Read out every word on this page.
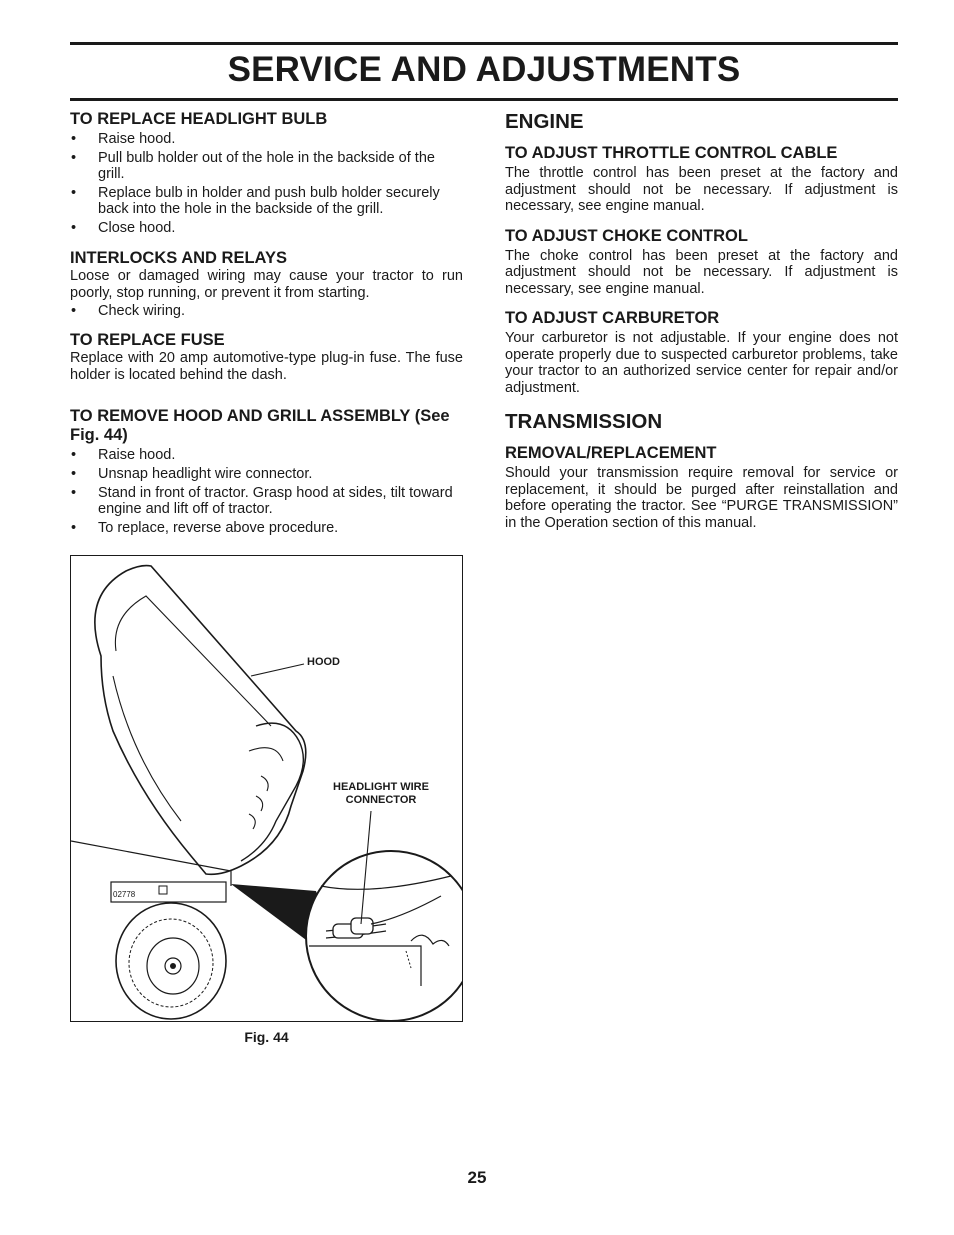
SERVICE AND ADJUSTMENTS
TO REPLACE HEADLIGHT BULB
• Raise hood.
• Pull bulb holder out of the hole in the backside of the grill.
• Replace bulb in holder and push bulb holder securely back into the hole in the backside of the grill.
• Close hood.
INTERLOCKS AND RELAYS

Loose or damaged wiring may cause your tractor to run poorly, stop running, or prevent it from starting.

• Check wiring.
TO REPLACE FUSE

Replace with 20 amp automotive-type plug-in fuse. The fuse holder is located behind the dash.

TO REMOVE HOOD AND GRILL ASSEMBLY (See Fig. 44)
• Raise hood.
• Unsnap headlight wire connector.
• Stand in front of tractor. Grasp hood at sides, tilt toward engine and lift off of tractor.
• To replace, reverse above procedure.
HOOD
HEADLIGHT WIRE CONNECTOR
02778
Fig. 44
ENGINE
TO ADJUST THROTTLE CONTROL CABLE

The throttle control has been preset at the factory and adjustment should not be necessary. If adjustment is necessary, see engine manual.

TO ADJUST CHOKE CONTROL

The choke control has been preset at the factory and adjustment should not be necessary. If adjustment is necessary, see engine manual.

TO ADJUST CARBURETOR

Your carburetor is not adjustable. If your engine does not operate properly due to suspected carburetor problems, take your tractor to an authorized service center for repair and/or adjustment.

TRANSMISSION
REMOVAL/REPLACEMENT

Should your transmission require removal for service or replacement, it should be purged after reinstallation and before operating the tractor. See “PURGE TRANSMISSION” in the Operation section of this manual.

25
